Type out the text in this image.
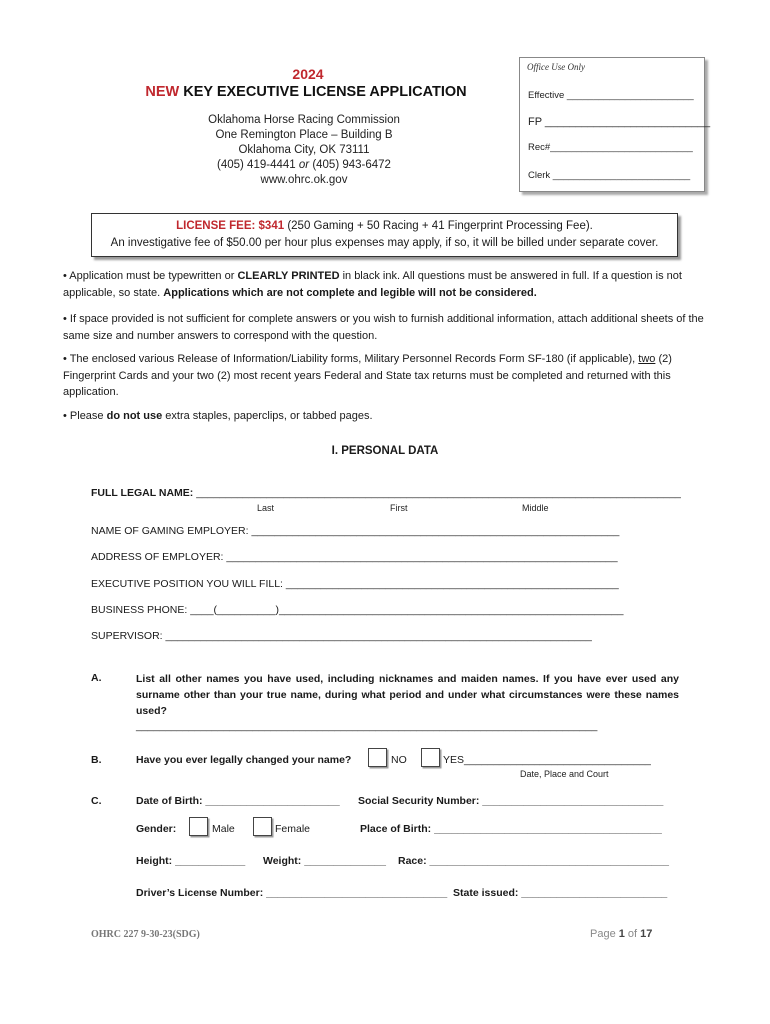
2024
NEW KEY EXECUTIVE LICENSE APPLICATION
Oklahoma Horse Racing Commission
One Remington Place – Building B
Oklahoma City, OK 73111
(405) 419-4441 or (405) 943-6472
www.ohrc.ok.gov
Office Use Only
Effective ________________________
FP ___________________________
Rec#___________________________
Clerk __________________________
LICENSE FEE: $341 (250 Gaming + 50 Racing + 41 Fingerprint Processing Fee).
An investigative fee of $50.00 per hour plus expenses may apply, if so, it will be billed under separate cover.
• Application must be typewritten or CLEARLY PRINTED in black ink. All questions must be answered in full. If a question is not applicable, so state. Applications which are not complete and legible will not be considered.
• If space provided is not sufficient for complete answers or you wish to furnish additional information, attach additional sheets of the same size and number answers to correspond with the question.
• The enclosed various Release of Information/Liability forms, Military Personnel Records Form SF-180 (if applicable), two (2) Fingerprint Cards and your two (2) most recent years Federal and State tax returns must be completed and returned with this application.
• Please do not use extra staples, paperclips, or tabbed pages.
I. PERSONAL DATA
FULL LEGAL NAME: ___________________________________________________________________________________
Last	First	Middle
NAME OF GAMING EMPLOYER: _______________________________________________________________
ADDRESS OF EMPLOYER: ___________________________________________________________________
EXECUTIVE POSITION YOU WILL FILL: _________________________________________________________
BUSINESS PHONE: ____(__________)___________________________________________________________
SUPERVISOR: _________________________________________________________________________
A.	List all other names you have used, including nicknames and maiden names. If you have ever used any surname other than your true name, during what period and under what circumstances were these names used?
_______________________________________________________________________________
B.	Have you ever legally changed your name?	NO	YES________________________________
Date, Place and Court
C.	Date of Birth: _______________________ Social Security Number: _______________________________
Gender:	Male	Female	Place of Birth: _______________________________________
Height: ____________ Weight: ______________ Race: _________________________________________
Driver’s License Number: _______________________________ State issued: _________________________
OHRC 227 9-30-23(SDG)	Page 1 of 17
